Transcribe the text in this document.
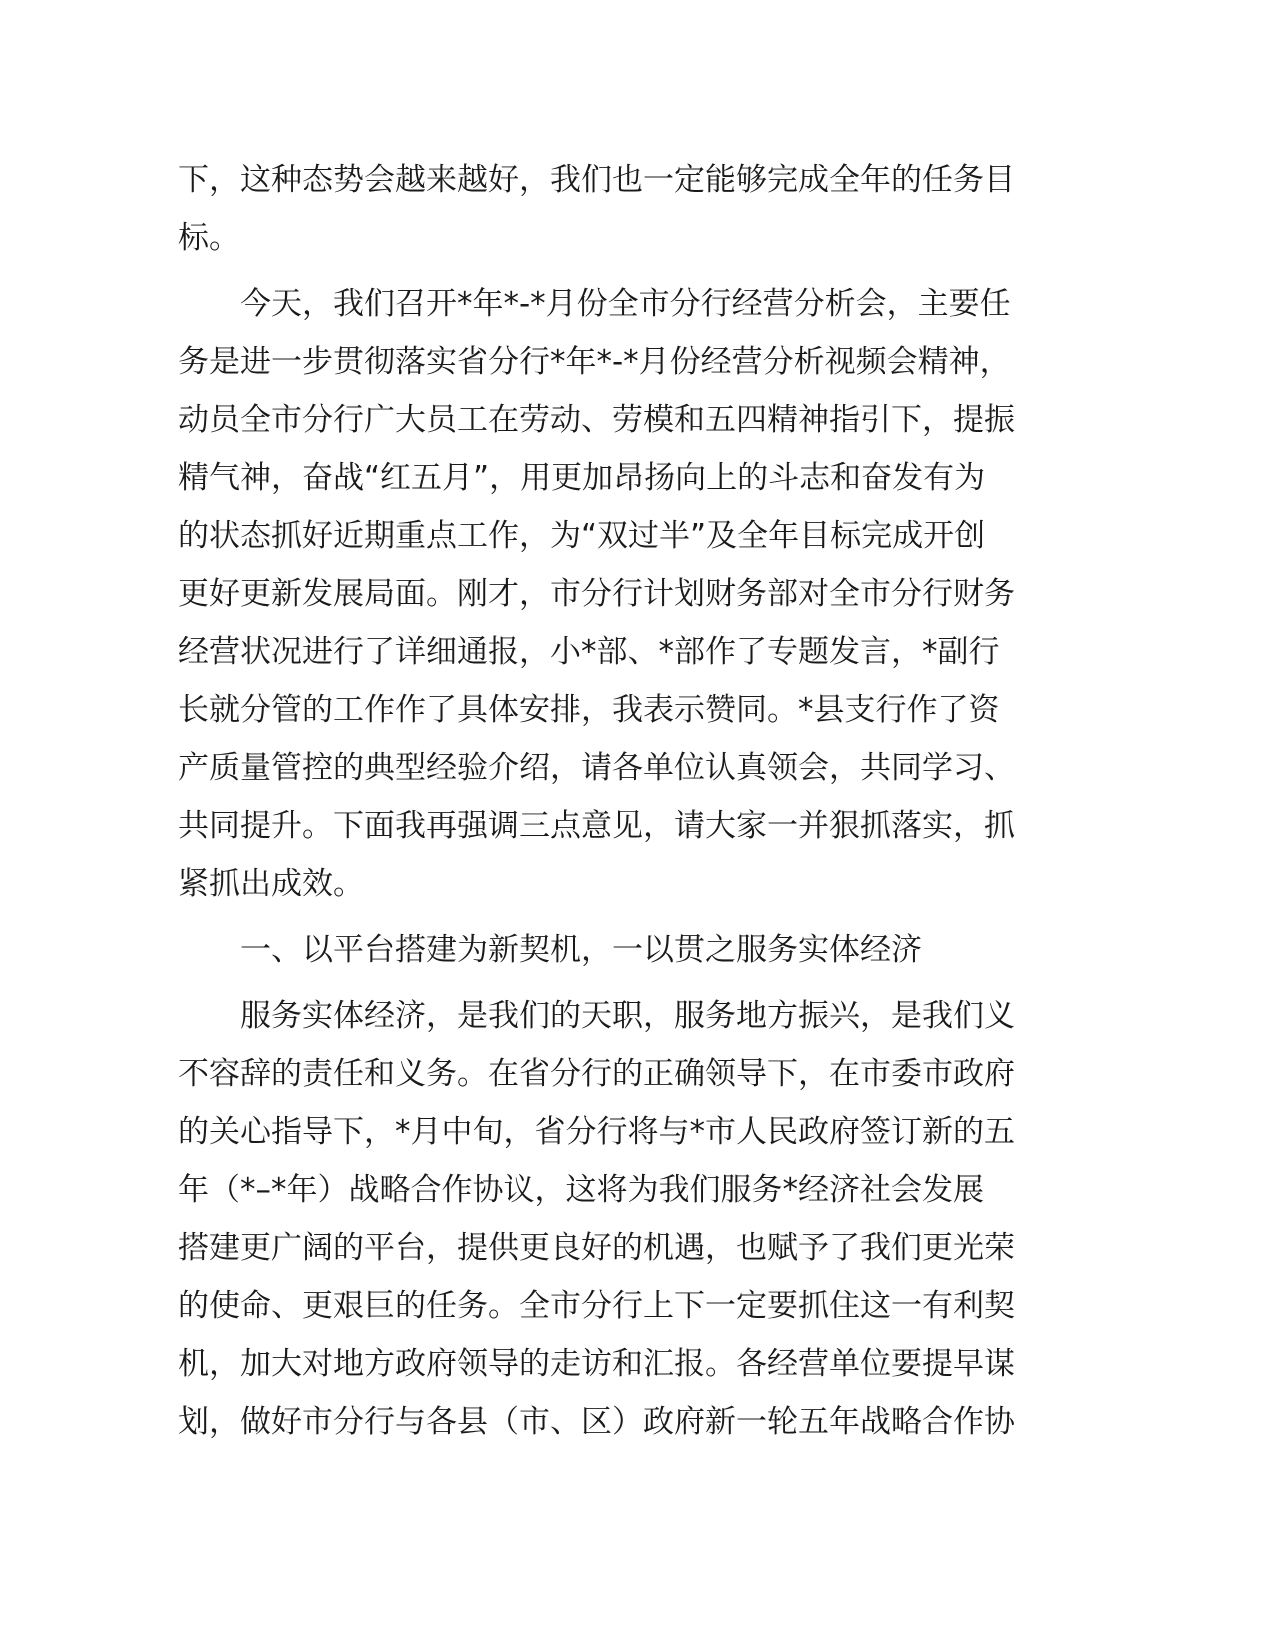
下，这种态势会越来越好，我们也一定能够完成全年的任务目
标。
　　今天，我们召开*年*-*月份全市分行经营分析会，主要任
务是进一步贯彻落实省分行*年*-*月份经营分析视频会精神，
动员全市分行广大员工在劳动、劳模和五四精神指引下，提振
精气神，奋战“红五月”，用更加昂扬向上的斗志和奋发有为
的状态抓好近期重点工作，为“双过半”及全年目标完成开创
更好更新发展局面。刚才，市分行计划财务部对全市分行财务
经营状况进行了详细通报，小*部、*部作了专题发言，*副行
长就分管的工作作了具体安排，我表示赞同。*县支行作了资
产质量管控的典型经验介绍，请各单位认真领会，共同学习、
共同提升。下面我再强调三点意见，请大家一并狠抓落实，抓
紧抓出成效。
　　一、以平台搭建为新契机，一以贯之服务实体经济
　　服务实体经济，是我们的天职，服务地方振兴，是我们义
不容辞的责任和义务。在省分行的正确领导下，在市委市政府
的关心指导下，*月中旬，省分行将与*市人民政府签订新的五
年（*–*年）战略合作协议，这将为我们服务*经济社会发展
搭建更广阔的平台，提供更良好的机遇，也赋予了我们更光荣
的使命、更艰巨的任务。全市分行上下一定要抓住这一有利契
机，加大对地方政府领导的走访和汇报。各经营单位要提早谋
划，做好市分行与各县（市、区）政府新一轮五年战略合作协
